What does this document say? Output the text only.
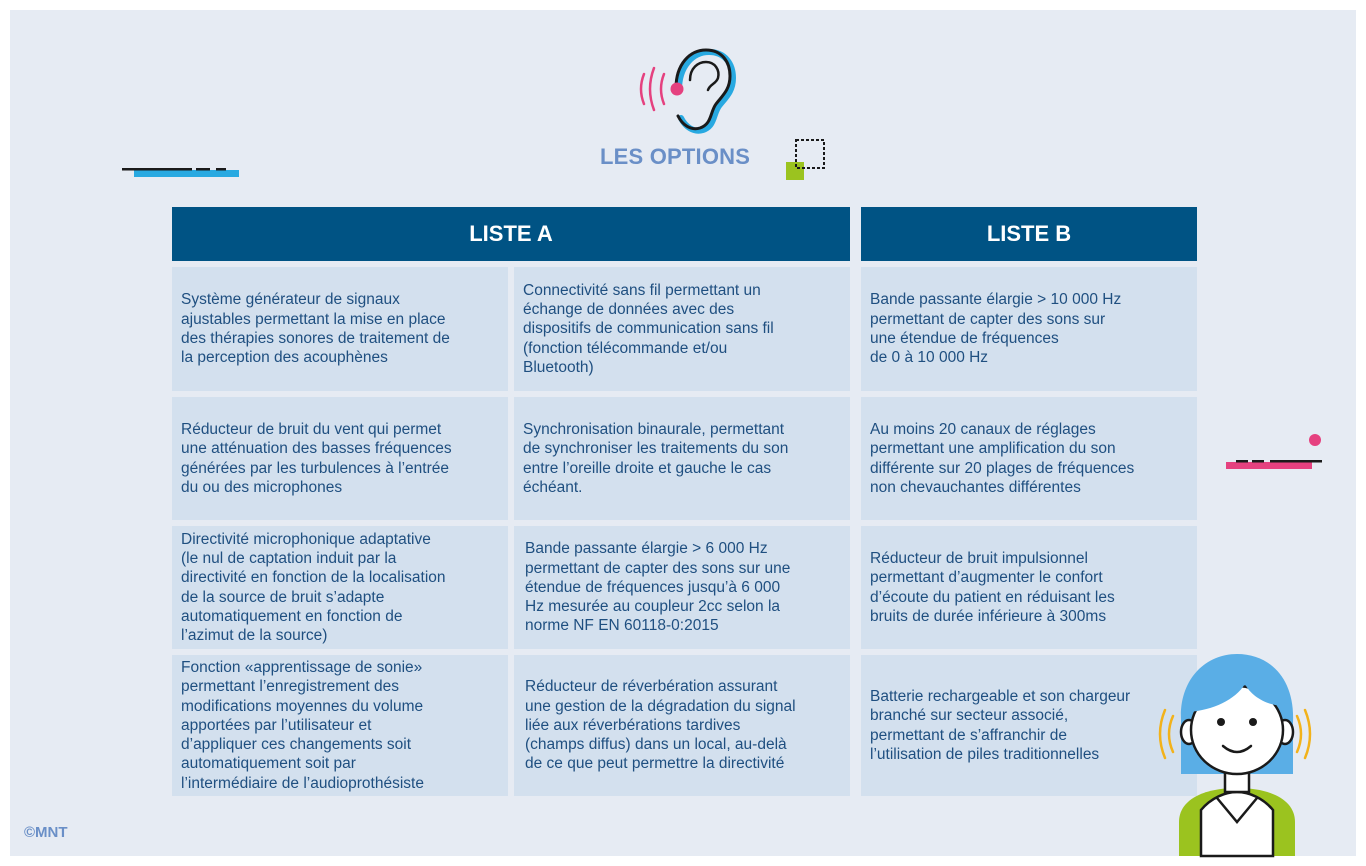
LES OPTIONS
LISTE A	LISTE B
Système générateur de signaux
ajustables permettant la mise en place
des thérapies sonores de traitement de
la perception des acouphènes
Connectivité sans fil permettant un
échange de données avec des
dispositifs de communication sans fil
(fonction télécommande et/ou
Bluetooth)
Bande passante élargie > 10 000 Hz
permettant de capter des sons sur
une étendue de fréquences
de 0 à 10 000 Hz
Réducteur de bruit du vent qui permet
une atténuation des basses fréquences
générées par les turbulences à l’entrée
du ou des microphones
Synchronisation binaurale, permettant
de synchroniser les traitements du son
entre l’oreille droite et gauche le cas
échéant.
Au moins 20 canaux de réglages
permettant une amplification du son
différente sur 20 plages de fréquences
non chevauchantes différentes
Directivité microphonique adaptative
(le nul de captation induit par la
directivité en fonction de la localisation
de la source de bruit s’adapte
automatiquement en fonction de
l’azimut de la source)
Bande passante élargie > 6 000 Hz
permettant de capter des sons sur une
étendue de fréquences jusqu’à 6 000
Hz mesurée au coupleur 2cc selon la
norme NF EN 60118-0:2015
Réducteur de bruit impulsionnel
permettant d’augmenter le confort
d’écoute du patient en réduisant les
bruits de durée inférieure à 300ms
Fonction «apprentissage de sonie»
permettant l’enregistrement des
modifications moyennes du volume
apportées par l’utilisateur et
d’appliquer ces changements soit
automatiquement soit par
l’intermédiaire de l’audioprothésiste
Réducteur de réverbération assurant
une gestion de la dégradation du signal
liée aux réverbérations tardives
(champs diffus) dans un local, au-delà
de ce que peut permettre la directivité
Batterie rechargeable et son chargeur
branché sur secteur associé,
permettant de s’affranchir de
l’utilisation de piles traditionnelles
©MNT
